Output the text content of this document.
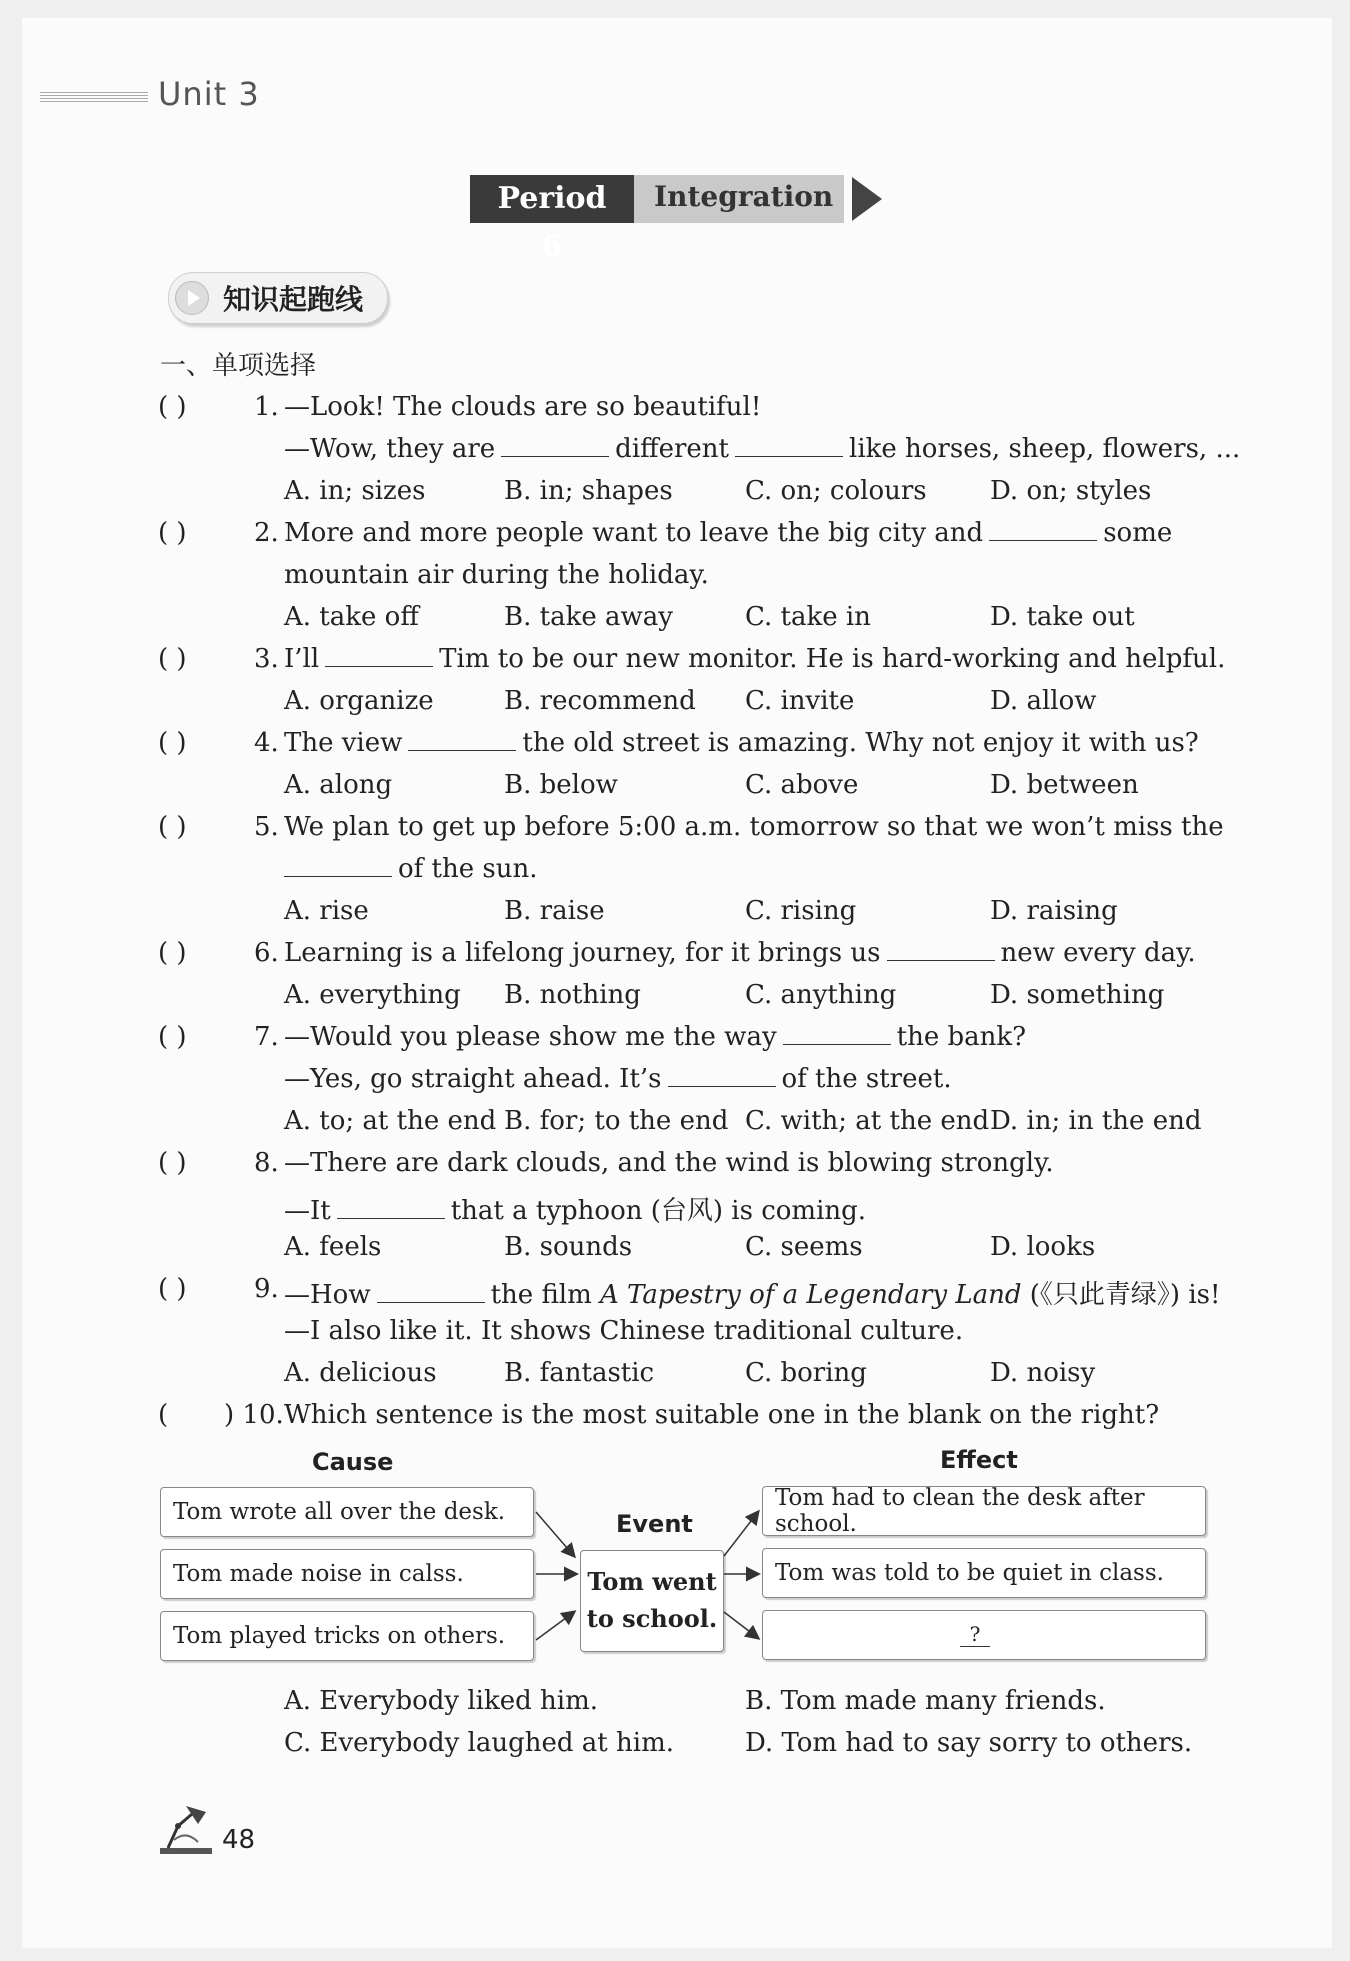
Unit 3
Period 6
Integration
知识起跑线
一、单项选择
( )	1. —Look! The clouds are so beautiful!
—Wow, they are	different	like horses, sheep, flowers, ...
A. in; sizes	B. in; shapes	C. on; colours D. on; styles
( )	2. More and more people want to leave the big city and	some
mountain air during the holiday.
A. take off	B. take away	C. take in	D. take out
( )	3. I’ll	Tim to be our new monitor. He is hard-working and helpful.
A. organize	B. recommend C. invite	D. allow
( )	4. The view	the old street is amazing. Why not enjoy it with us?
A. along	B. below	C. above	D. between
( )	5. We plan to get up before 5:00 a.m. tomorrow so that we won’t miss the
of the sun.
A. rise	B. raise	C. rising	D. raising
( )	6. Learning is a lifelong journey, for it brings us	new every day.
A. everything B. nothing	C. anything	D. something
( )	7. —Would you please show me the way	the bank?
—Yes, go straight ahead. It’s	of the street.
A. to; at the end B. for; to the end C. with; at the end D. in; in the end
( )	8. —There are dark clouds, and the wind is blowing strongly.
—It	that a typhoon (台风) is coming.
A. feels	B. sounds	C. seems	D. looks
( )	9. —How	the film A Tapestry of a Legendary Land (《只此青绿》) is!
—I also like it. It shows Chinese traditional culture.
A. delicious	B. fantastic	C. boring	D. noisy
( ) 10. Which sentence is the most suitable one in the blank on the right?
Cause	Effect
Event
Tom wrote all over the desk.
Tom made noise in calss.
Tom played tricks on others.
Tom went
to school.
Tom had to clean the desk after school.
Tom was told to be quiet in class.
?
A. Everybody liked him.	B. Tom made many friends.
C. Everybody laughed at him.	D. Tom had to say sorry to others.
48
